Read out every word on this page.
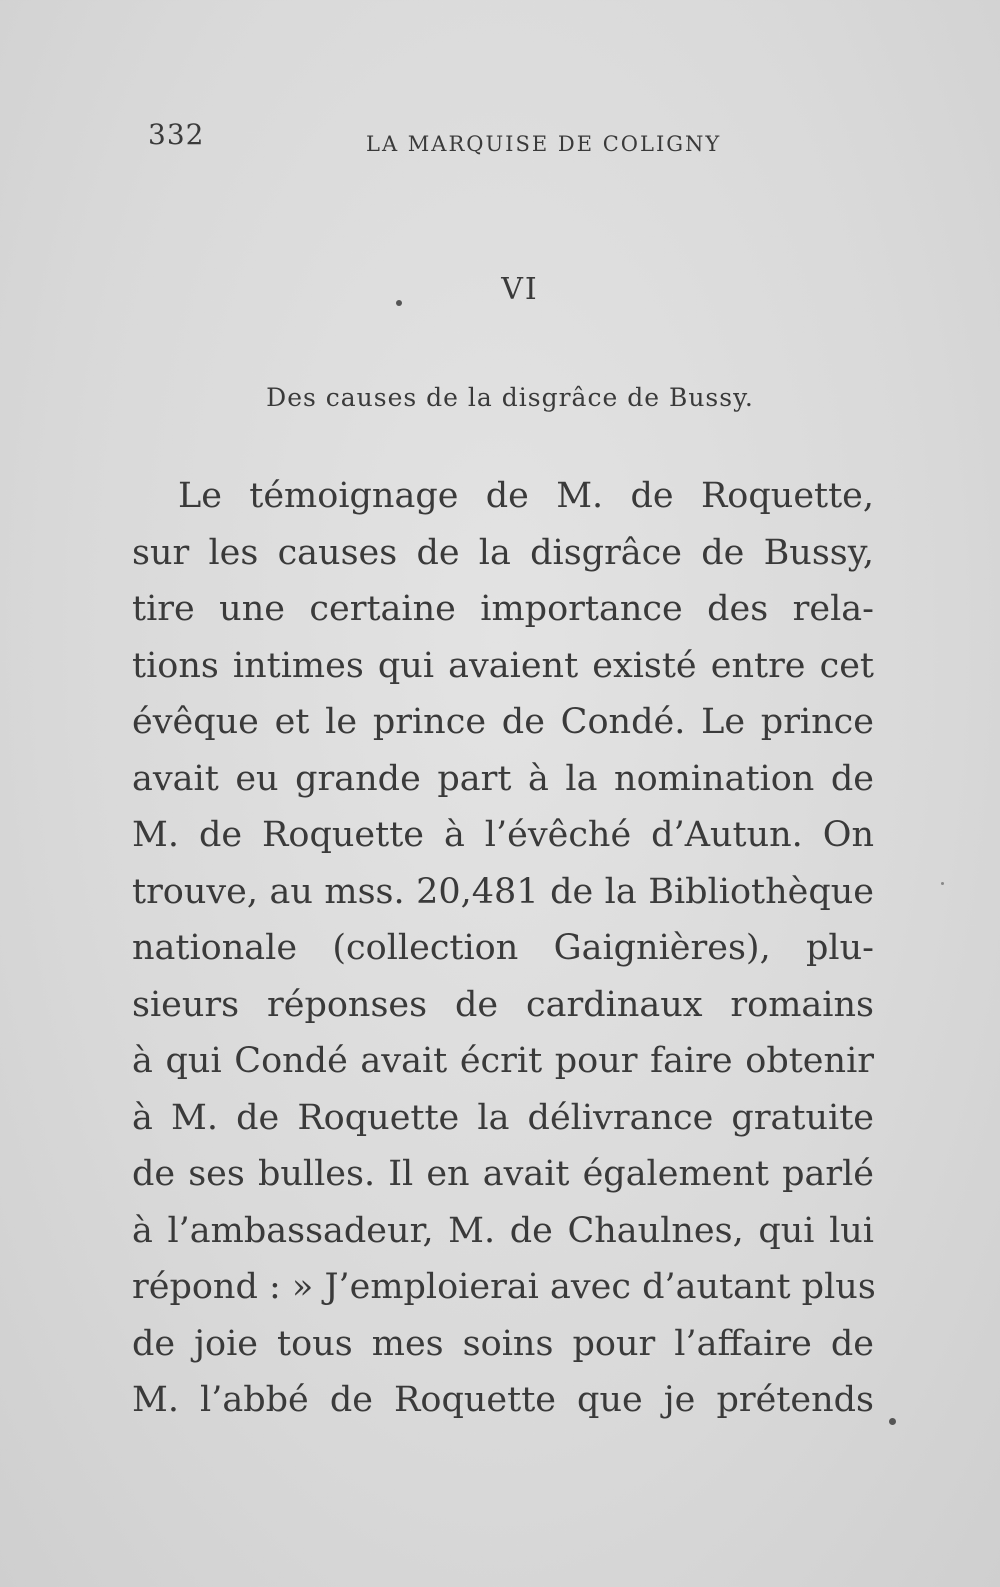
332	LA MARQUISE DE COLIGNY
VI
Des causes de la disgrâce de Bussy.
Le témoignage de M. de Roquette,
sur les causes de la disgrâce de Bussy,
tire une certaine importance des rela-
tions intimes qui avaient existé entre cet
évêque et le prince de Condé. Le prince
avait eu grande part à la nomination de
M. de Roquette à l’évêché d’Autun. On
trouve, au mss. 20,481 de la Bibliothèque
nationale (collection Gaignières), plu-
sieurs réponses de cardinaux romains
à qui Condé avait écrit pour faire obtenir
à M. de Roquette la délivrance gratuite
de ses bulles. Il en avait également parlé
à l’ambassadeur, M. de Chaulnes, qui lui
répond : » J’emploierai avec d’autant plus
de joie tous mes soins pour l’affaire de
M. l’abbé de Roquette que je prétends
